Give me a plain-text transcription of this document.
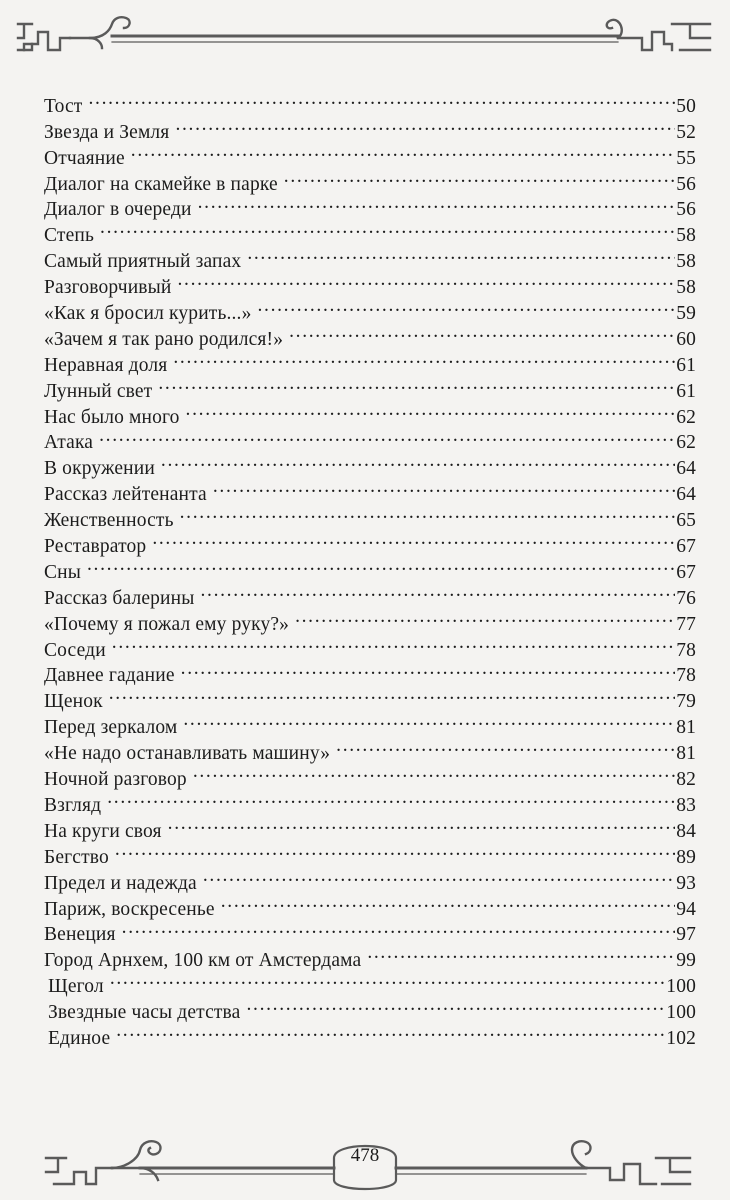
Тост . . .	50
Звезда и Земля . . .	52
Отчаяние . . .	55
Диалог на скамейке в парке . . .	56
Диалог в очереди . . .	56
Степь . . .	58
Самый приятный запах . . .	58
Разговорчивый . . .	58
«Как я бросил курить...» . . .	59
«Зачем я так рано родился!» . . .	60
Неравная доля . . .	61
Лунный свет . . .	61
Нас было много . . .	62
Атака . . .	62
В окружении . . .	64
Рассказ лейтенанта . . .	64
Женственность . . .	65
Реставратор . . .	67
Сны . . .	67
Рассказ балерины . . .	76
«Почему я пожал ему руку?» . . .	77
Соседи . . .	78
Давнее гадание . . .	78
Щенок . . .	79
Перед зеркалом . . .	81
«Не надо останавливать машину» . . .	81
Ночной разговор . . .	82
Взгляд . . .	83
На круги своя . . .	84
Бегство . . .	89
Предел и надежда . . .	93
Париж, воскресенье . . .	94
Венеция . . .	97
Город Арнхем, 100 км от Амстердама . . .	99
Щегол . . .	100
Звездные часы детства . . .	100
Единое . . .	102
478
